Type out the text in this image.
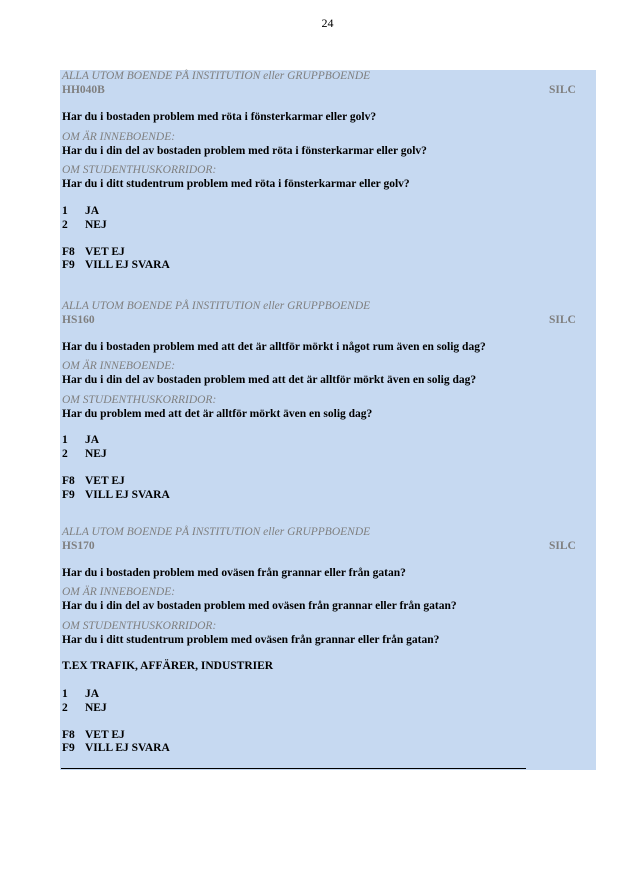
24
ALLA UTOM BOENDE PÅ INSTITUTION eller GRUPPBOENDE
HH040B	SILC
Har du i bostaden problem med röta i fönsterkarmar eller golv?
OM ÄR INNEBOENDE:
Har du i din del av bostaden problem med röta i fönsterkarmar eller golv?
OM STUDENTHUSKORRIDOR:
Har du i ditt studentrum problem med röta i fönsterkarmar eller golv?
1 JA
2 NEJ
F8 VET EJ
F9 VILL EJ SVARA
ALLA UTOM BOENDE PÅ INSTITUTION eller GRUPPBOENDE
HS160	SILC
Har du i bostaden problem med att det är alltför mörkt i något rum även en solig dag?
OM ÄR INNEBOENDE:
Har du i din del av bostaden problem med att det är alltför mörkt även en solig dag?
OM STUDENTHUSKORRIDOR:
Har du problem med att det är alltför mörkt även en solig dag?
1 JA
2 NEJ
F8 VET EJ
F9 VILL EJ SVARA
ALLA UTOM BOENDE PÅ INSTITUTION eller GRUPPBOENDE
HS170	SILC
Har du i bostaden problem med oväsen från grannar eller från gatan?
OM ÄR INNEBOENDE:
Har du i din del av bostaden problem med oväsen från grannar eller från gatan?
OM STUDENTHUSKORRIDOR:
Har du i ditt studentrum problem med oväsen från grannar eller från gatan?
T.EX TRAFIK, AFFÄRER, INDUSTRIER
1 JA
2 NEJ
F8 VET EJ
F9 VILL EJ SVARA
